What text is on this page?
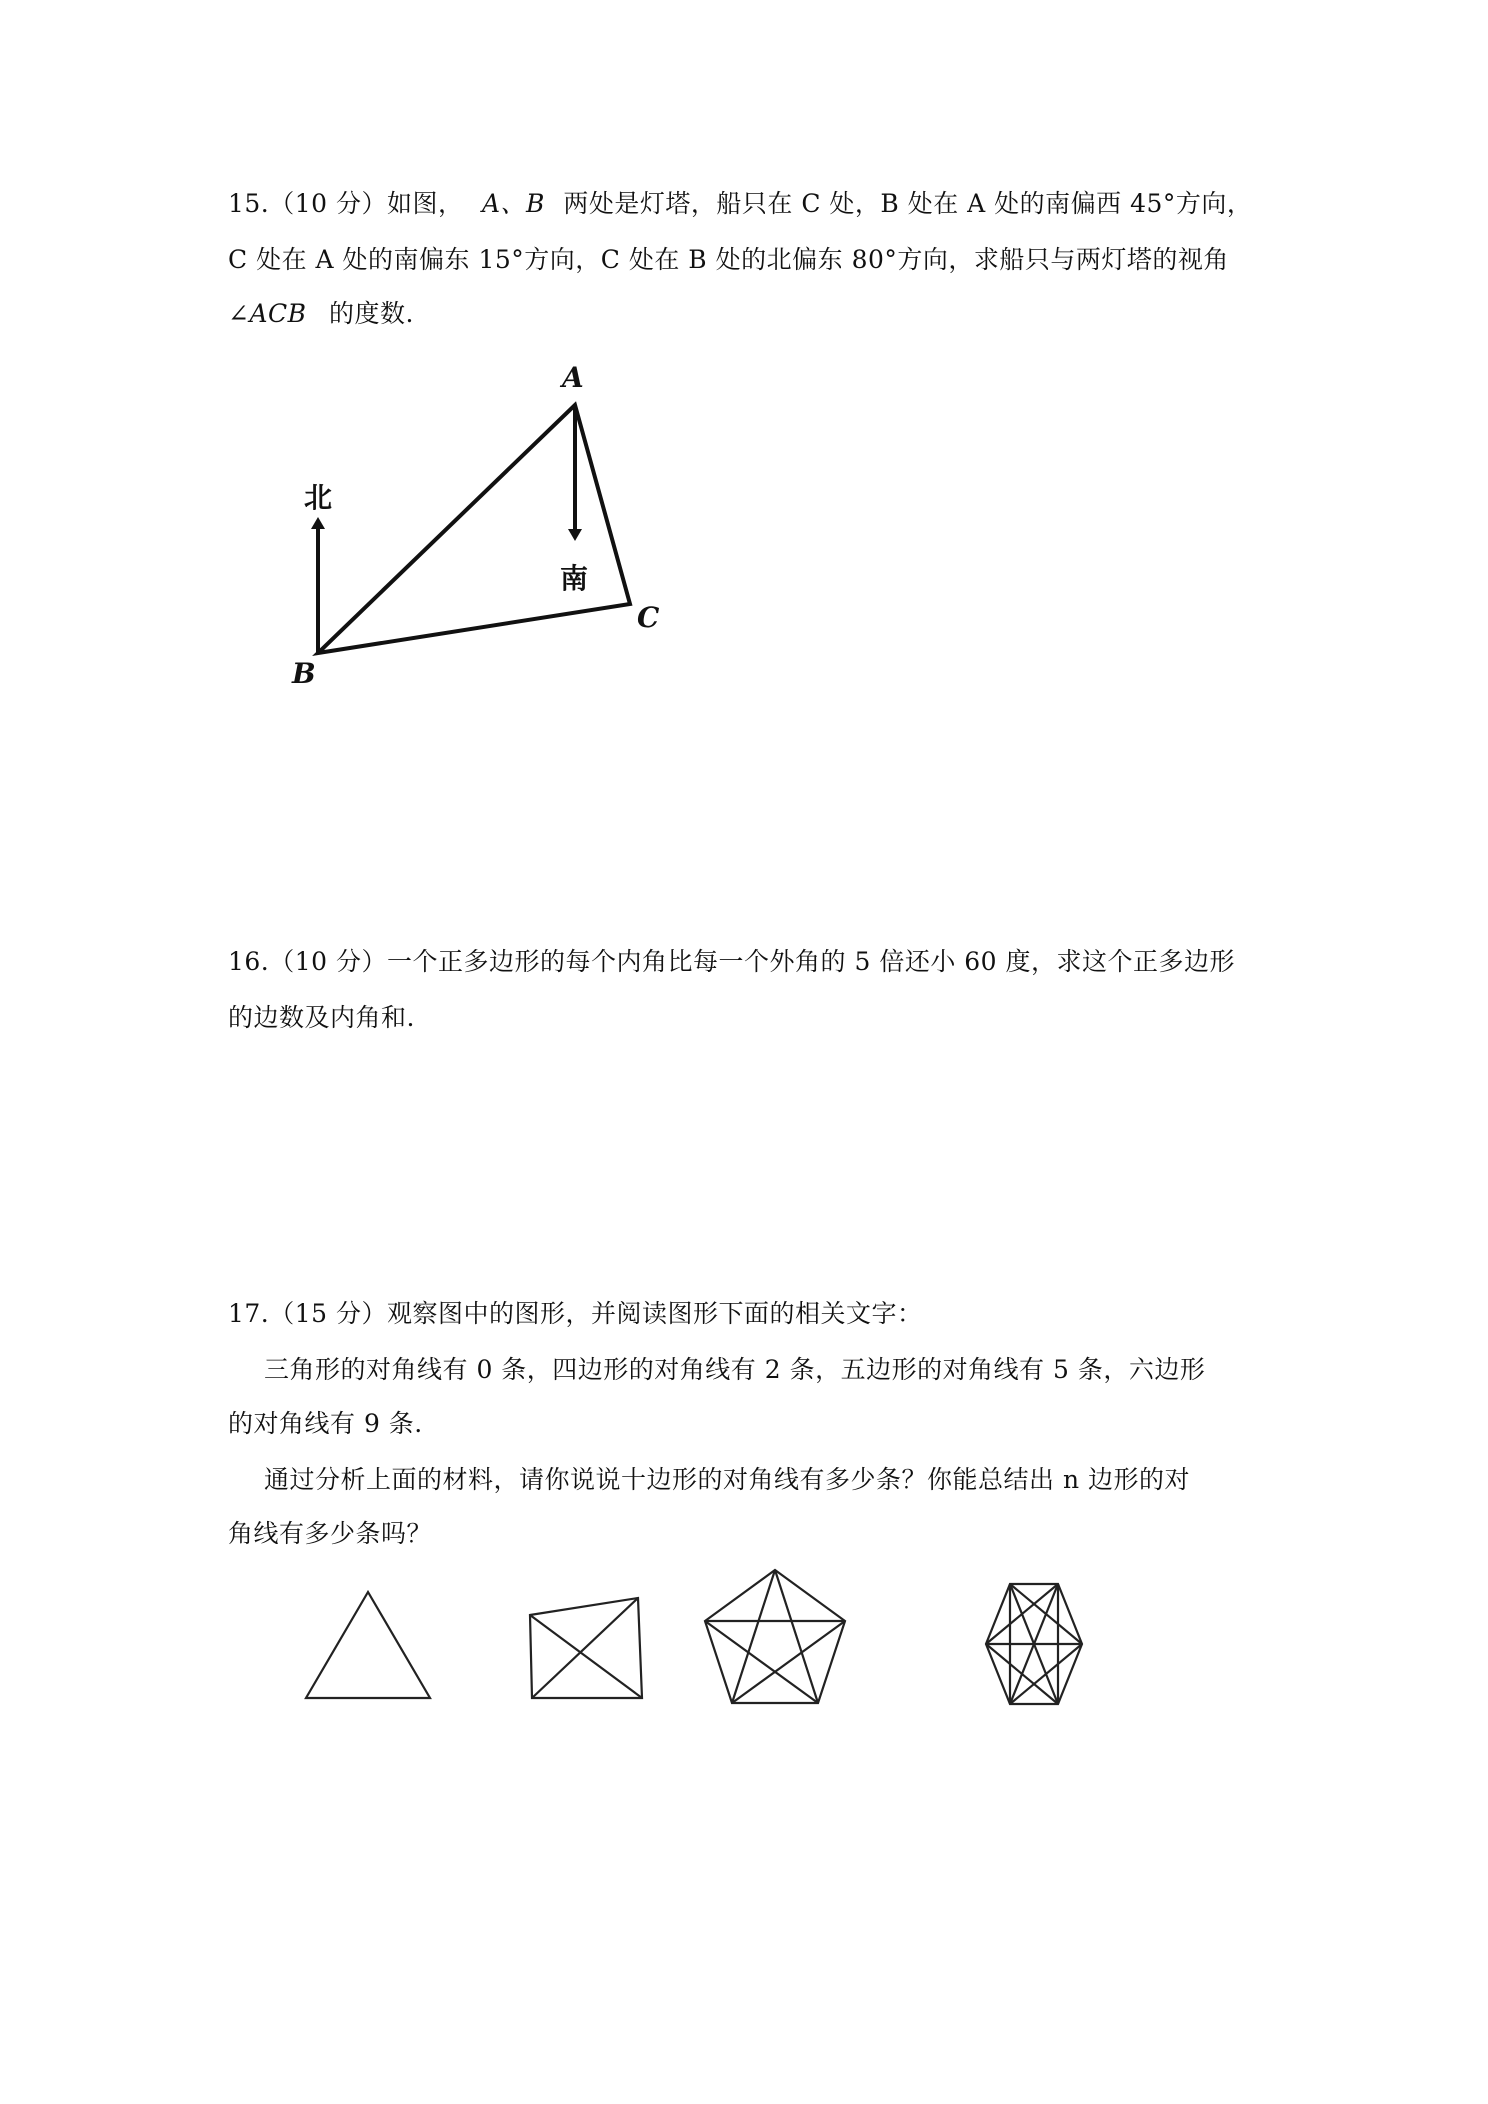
15.（10 分）如图， A、B 两处是灯塔，船只在 C 处，B 处在 A 处的南偏西 45°方向，
C 处在 A 处的南偏东 15°方向，C 处在 B 处的北偏东 80°方向，求船只与两灯塔的视角
∠ACB 的度数.
A
B
C
北
南
16.（10 分）一个正多边形的每个内角比每一个外角的 5 倍还小 60 度，求这个正多边形
的边数及内角和.
17.（15 分）观察图中的图形，并阅读图形下面的相关文字：
三角形的对角线有 0 条，四边形的对角线有 2 条，五边形的对角线有 5 条，六边形
的对角线有 9 条.
通过分析上面的材料，请你说说十边形的对角线有多少条？你能总结出 n 边形的对
角线有多少条吗？
